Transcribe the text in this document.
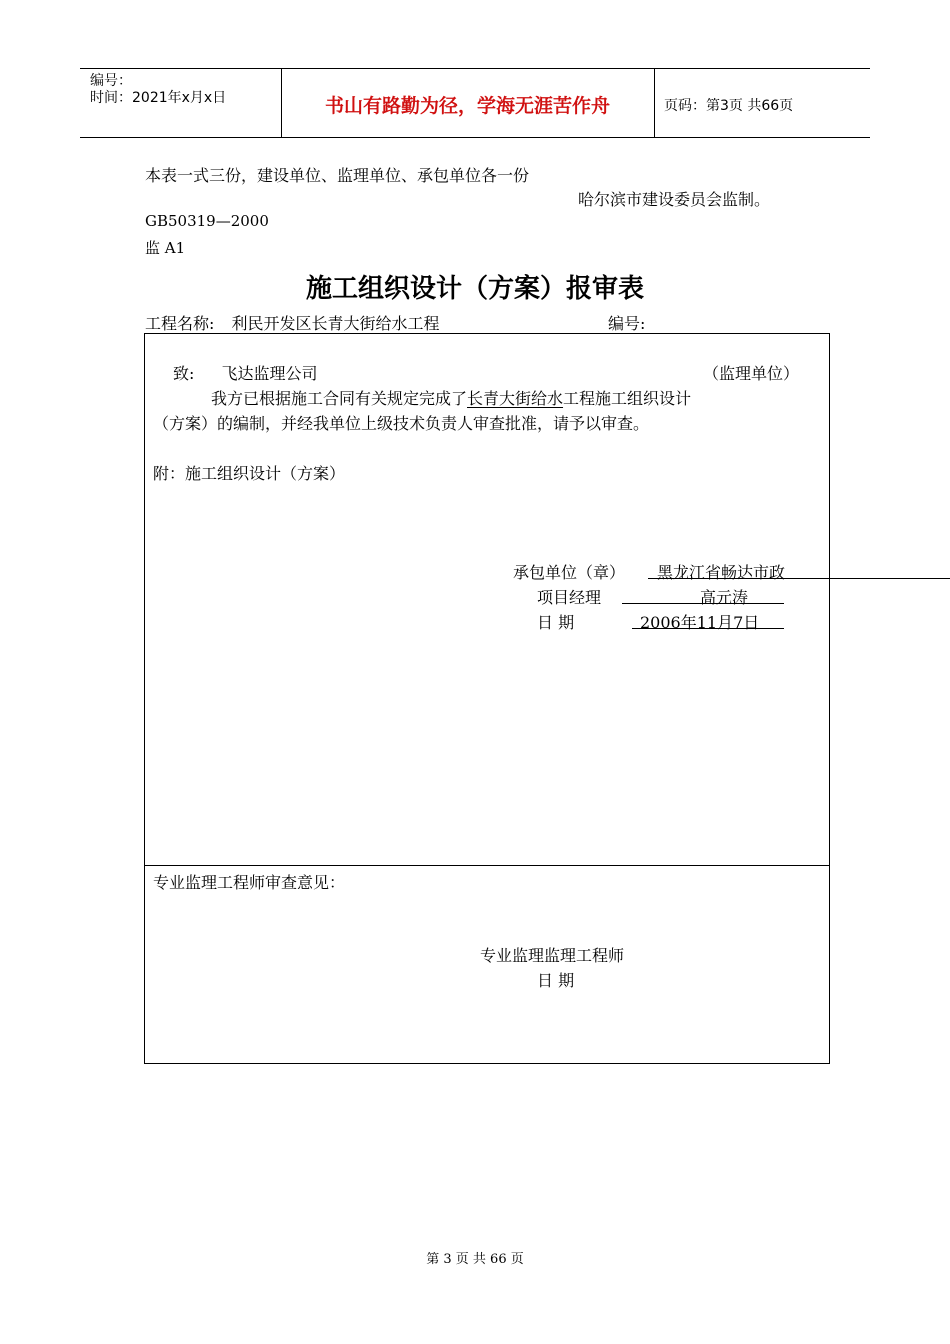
编号：
时间：2021年x月x日	书山有路勤为径，学海无涯苦作舟	页码：第3页 共66页
本表一式三份，建设单位、监理单位、承包单位各一份
哈尔滨市建设委员会监制。
GB50319—2000
监 A1
施工组织设计（方案）报审表
工程名称: 利民开发区长青大街给水工程	编号:
致: 飞达监理公司	（监理单位）
我方已根据施工合同有关规定完成了长青大街给水工程施工组织设计
（方案）的编制，并经我单位上级技术负责人审查批准，请予以审查。
附：施工组织设计（方案）
承包单位（章） 黑龙江省畅达市政
项目经理	高元涛
日 期	2006年11月7日
专业监理工程师审查意见：
专业监理监理工程师
日 期
第 3 页 共 66 页
